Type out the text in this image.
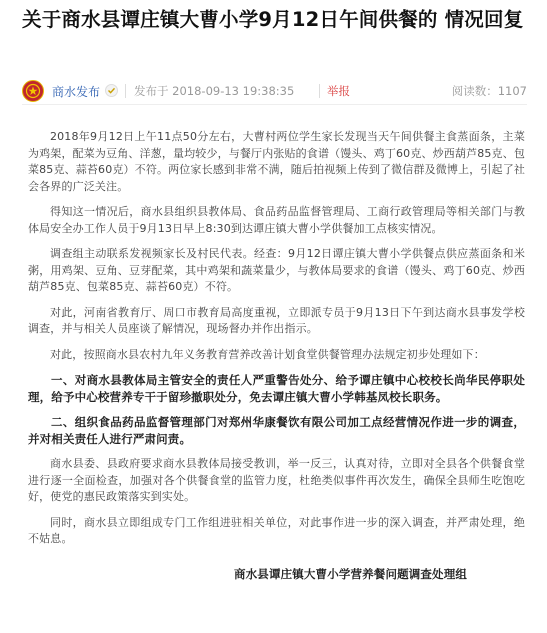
关于商水县谭庄镇大曹小学9月12日午间供餐的 情况回复
商水发布	发布于 2018-09-13 19:38:35	举报	阅读数：1107

2018年9月12日上午11点50分左右，大曹村两位学生家长发现当天午间供餐主食蒸面条，主菜为鸡架，配菜为豆角、洋葱，量均较少，与餐厅内张贴的食谱（馒头、鸡丁60克、炒西葫芦85克、包菜85克、蒜苔60克）不符。两位家长感到非常不满，随后拍视频上传到了微信群及微博上，引起了社会各界的广泛关注。

得知这一情况后，商水县组织县教体局、食品药品监督管理局、工商行政管理局等相关部门与教体局安全办工作人员于9月13日早上8:30到达谭庄镇大曹小学供餐加工点核实情况。

调查组主动联系发视频家长及村民代表。经查：9月12日谭庄镇大曹小学供餐点供应蒸面条和米粥，用鸡架、豆角、豆芽配菜，其中鸡架和蔬菜量少，与教体局要求的食谱（馒头、鸡丁60克、炒西葫芦85克、包菜85克、蒜苔60克）不符。

对此，河南省教育厅、周口市教育局高度重视，立即派专员于9月13日下午到达商水县事发学校调查，并与相关人员座谈了解情况，现场督办并作出指示。

对此，按照商水县农村九年义务教育营养改善计划食堂供餐管理办法规定初步处理如下：

一、对商水县教体局主管安全的责任人严重警告处分、给予谭庄镇中心校校长尚华民停职处理，给予中心校营养专干于留珍撤职处分，免去谭庄镇大曹小学韩基凤校长职务。

二、组织食品药品监督管理部门对郑州华康餐饮有限公司加工点经营情况作进一步的调查，并对相关责任人进行严肃问责。

商水县委、县政府要求商水县教体局接受教训，举一反三，认真对待，立即对全县各个供餐食堂进行逐一全面检查，加强对各个供餐食堂的监管力度，杜绝类似事件再次发生，确保全县师生吃饱吃好，使党的惠民政策落实到实处。

同时，商水县立即组成专门工作组进驻相关单位，对此事作进一步的深入调查，并严肃处理，绝不姑息。

商水县谭庄镇大曹小学营养餐问题调查处理组
